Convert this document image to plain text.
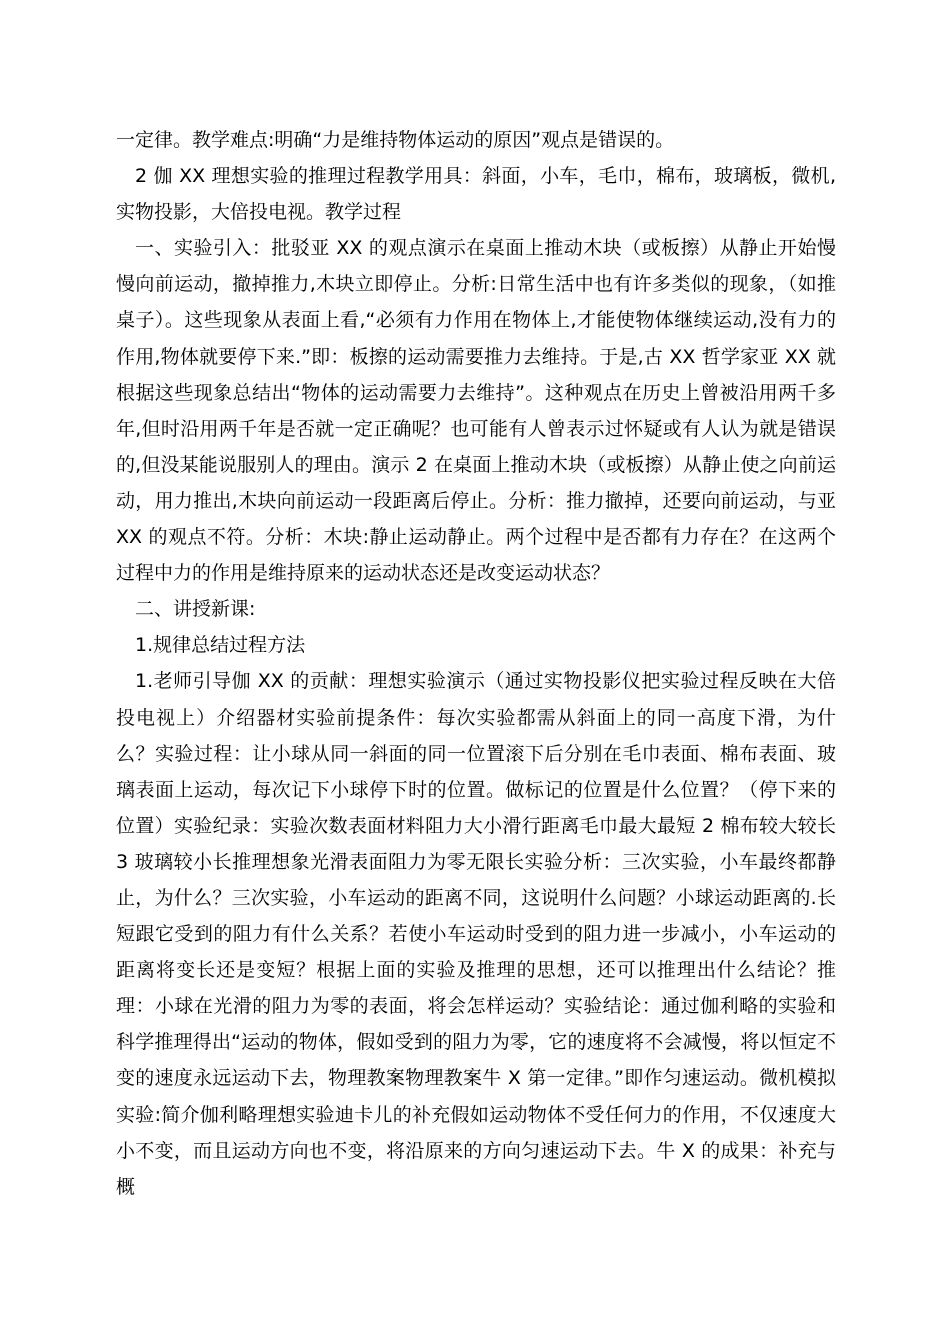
一定律。教学难点:明确“力是维持物体运动的原因”观点是错误的。

2 伽 XX 理想实验的推理过程教学用具：斜面，小车，毛巾，棉布，玻璃板，微机,实物投影，大倍投电视。教学过程

一、实验引入：批驳亚 XX 的观点演示在桌面上推动木块（或板擦）从静止开始慢慢向前运动，撤掉推力,木块立即停止。分析:日常生活中也有许多类似的现象，（如推桌子）。这些现象从表面上看,“必须有力作用在物体上,才能使物体继续运动,没有力的作用,物体就要停下来.”即：板擦的运动需要推力去维持。于是,古 XX 哲学家亚 XX 就根据这些现象总结出“物体的运动需要力去维持”。这种观点在历史上曾被沿用两千多年,但时沿用两千年是否就一定正确呢？也可能有人曾表示过怀疑或有人认为就是错误的,但没某能说服别人的理由。演示 2 在桌面上推动木块（或板擦）从静止使之向前运动，用力推出,木块向前运动一段距离后停止。分析：推力撤掉，还要向前运动，与亚 XX 的观点不符。分析：木块:静止运动静止。两个过程中是否都有力存在？在这两个过程中力的作用是维持原来的运动状态还是改变运动状态？

二、讲授新课:

1.规律总结过程方法

1.老师引导伽 XX 的贡献：理想实验演示（通过实物投影仪把实验过程反映在大倍投电视上）介绍器材实验前提条件：每次实验都需从斜面上的同一高度下滑，为什么？实验过程：让小球从同一斜面的同一位置滚下后分别在毛巾表面、棉布表面、玻璃表面上运动，每次记下小球停下时的位置。做标记的位置是什么位置？（停下来的位置）实验纪录：实验次数表面材料阻力大小滑行距离毛巾最大最短 2 棉布较大较长 3 玻璃较小长推理想象光滑表面阻力为零无限长实验分析：三次实验，小车最终都静止，为什么？三次实验，小车运动的距离不同，这说明什么问题？小球运动距离的.长短跟它受到的阻力有什么关系？若使小车运动时受到的阻力进一步减小，小车运动的距离将变长还是变短？根据上面的实验及推理的思想，还可以推理出什么结论？推理：小球在光滑的阻力为零的表面，将会怎样运动？实验结论：通过伽利略的实验和科学推理得出“运动的物体，假如受到的阻力为零，它的速度将不会减慢，将以恒定不变的速度永远运动下去，物理教案物理教案牛 X 第一定律。”即作匀速运动。微机模拟实验:简介伽利略理想实验迪卡儿的补充假如运动物体不受任何力的作用，不仅速度大小不变，而且运动方向也不变，将沿原来的方向匀速运动下去。牛 X 的成果：补充与概
